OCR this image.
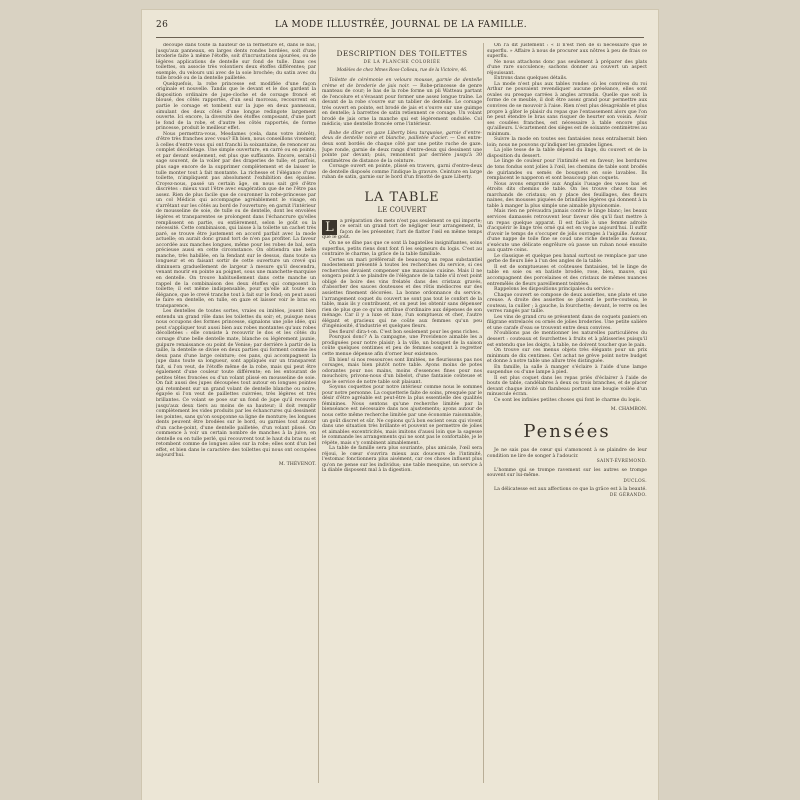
26	LA MODE ILLUSTRÉE, JOURNAL DE LA FAMILLE.

découpé dans toute la hauteur de la fermeture et, dans le bas, jusqu'aux panneaux, en larges dents rondes bordées, soit d'une broderie faite à même l'étoffe, soit d'incrustations ajourées, ou de légères applications de dentelle sur fond de tulle. Dans ces toilettes, on associe très volontiers deux étoffes différentes; par exemple, du velours uni avec de la soie brochée; du satin avec du tulle brodé ou de la dentelle pailletée.

Quelquefois, la robe princesse est modifiée d'une façon originale et nouvelle. Tandis que le devant et le dos gardent la disposition ordinaire de jupe-cloche et de corsage froncé et blousé, des côtés rapportés, d'un seul morceau, recouvrent en partie le corsage et tombent sur la jupe en deux panneaux, simulant des deux côtés d'une longue redingote largement ouverte. Ici encore, la diversité des étoffes composant, d'une part le fond de la robe, et d'autre les côtés rapportés, de forme princesse, produit le meilleur effet.

Nous permettra-vous, Mesdames (cela, dans votre intérêt), d'être très franches avec vous? Eh bien, nous conseillons vivement à celles d'entre vous qui ont franchi la soixantaine, de renoncer au complet décolletage. Une simple ouverture, en carré ou en pointe, et par devant seulement, est plus que suffisante. Encore, serait-il sage souvent, de la voiler par des draperies de tulle; et parfois, plus sage encore de la supprimer complètement et de laisser le tulle monter tout à fait montante. La richesse et l'élégance d'une toilette, n'impliquent pas absolument l'exhibition des épaules. Croyez-nous, passé un certain âge, on nous sait gré d'être discrètes : mieux vaut l'être avec exagération que de ne l'être pas assez. Rien de plus facile que de couronner la robe-princesse par un col Médicis qui accompagne agréablement le visage, en s'arrêtant sur les côtés au bord de l'ouverture; en garnit l'intérieur de mousseline de soie, de tulle ou de dentelle, dont les envolées légères et transparentes se prolongent dans l'échancrure qu'elles remplissent en partie, ou entièrement, selon le goût ou la nécessité. Cette combinaison, qui laisse à la toilette un cachet très paré, se trouve être justement en accord parfait avec la mode actuelle; on aurait donc grand tort de n'en pas profiter. La faveur accordée aux manches longues, même pour les robes de bal, sera précieuse aussi en cette circonstance. On obtiendra une belle manche, très habillée, en la fendant sur le dessus, dans toute sa longueur et en faisant sortir de cette ouverture un crevé qui diminuera graduellement de largeur à mesure qu'il descendra, venant mourir en pointe au poignet, sous une manchette-marquise en dentelle. On trouve habituellement dans cette manche un rappel de la combinaison des deux étoffes qui composent la toilette; il est même indispensable, pour qu'elle ait toute son élégance, que le crevé tranche tout à fait sur le fond; on peut aussi le faire en dentelle, en tulle, en gaze et laisser voir le bras en transparence.

Les dentelles de toutes sortes, vraies ou imitées, jouent bien entendu un grand rôle dans les toilettes du soir; et, puisque nous nous occupons des formes princesse, signalons une jolie idée, qui peut s'appliquer tout aussi bien aux robes montantes qu'aux robes décolletées : elle consiste à recouvrir le dos et les côtés du corsage d'une belle dentelle mate, blanche ou légèrement jaunie, guipure renaissance ou point de Venise; par derrière à partir de la taille, la dentelle se divise en deux parties qui forment comme les deux pans d'une large ceinture; ces pans, qui accompagnent la jupe dans toute sa longueur, sont appliqués sur un transparent fait, si l'on veut, de l'étoffe même de la robe, mais qui peut être également d'une couleur toute différente; en les entourant de petites têtes froncées ou d'un volant plissé en mousseline de soie. On fait aussi des jupes découpées tout autour en longues pointes qui retombent sur un grand volant de dentelle blanche ou noire, égayée si l'on veut de paillettes cuivrées, très légères et très brillantes. Ce volant se pose sur un fond de jupe qu'il recouvre jusqu'aux deux tiers au moins de sa hauteur; il doit remplir complètement les vides produits par les échancrures qui dessinent les pointes, sans qu'on soupçonne sa ligne de monture; les longues dents peuvent être brodées sur le bord, ou garnies tout autour d'un cache-point, d'une dentelle pailletée, d'un volant plissé. On commence à voir un certain nombre de manches à la juive, en dentelle ou en tulle perlé, qui recouvrent tout le haut du bras nu et retombent comme de longues ailes sur la robe; elles sont d'un bel effet, et bien dans le caractère des toilettes qui nous ont occupées aujourd'hui.

M. THÉVENOT.
DESCRIPTION DES TOILETTES
DE LA PLANCHE COLORIÉE
Modèles de chez Mmes Ross-Colleau, rue de la Victoire, 46.

Toilette de cérémonie en velours mousse, garnie de dentelle crème et de broderie de jais noir. — Robe-princesse de genre manteau de cour; le bas de la robe forme un pli Watteau partant de l'encolure et s'évasant pour former une assez longue traîne. Le devant de la robe s'ouvre sur un tablier de dentelle. Le corsage très ouvert en pointe, est brodé de jais et s'ouvre sur une guimpe en dentelle; à barrettes de satin retiennent ce corsage. Un volant brodé de jais orne la manche qui est légèrement ondulée. Col médicis; une dentelle froncée orne l'intérieur.

Robe de dîner en gaze Liberty bleu turquoise, garnie d'entre-deux de dentelle noire et blanche, pailletée d'acier. — Ces entre-deux sont bordés de chaque côté par une petite ruche de gaze. Jupe ronde, garnie de deux rangs d'entre-deux qui dessinent une pointe par devant; puis, remontent par derrière jusqu'à 30 centimètres de distance de la ceinture.

Corsage ouvert en pointe, plissé en travers, garni d'entre-deux de dentelle disposés comme l'indique la gravure. Ceinture en large ruban de satin, garnie sur le bord d'un frisotté de gaze Liberty.

LA TABLE
LE COUVERT

L	a préparation des mets n'est pas seulement ce qui importe; ce serait un grand tort de négliger leur arrangement, la façon de les présenter, l'art de flatter l'œil en même temps que le goût.

On ne se dîne pas que ce sont là bagatelles insignifiantes, soins superflus, petits riens dont font fi les seigneurs du logis. C'est au contraire le charme, la grâce de la table familiale.

Certes un mari préférerait de beaucoup un repas substantiel modestement présenté à toutes les recherches du service, si ces recherches devaient compenser une mauvaise cuisine. Mais il ne songera point à se plaindre de l'élégance de la table s'il n'est point obligé de boire des vins frelatés dans des cristaux gravés, d'absorber des sauces douteuses et des rôtis médiocres sur des assiettes finement décorées. La bonne ordonnance du service, l'arrangement coquet du couvert ne sont pas tout le confort de la table, mais ils y contribuent, et on peut les obtenir sans dépenser rien de plus que ce qu'on attribue d'ordinaire aux dépenses de son ménage. Car il y a luxe et luxe, l'un somptueux et cher, l'autre élégant et gracieux qui ne coûte aux femmes qu'un peu d'ingéniosité, d'industrie et quelques fleurs.

Des fleurs! dira-t-on. C'est bon seulement pour les gens riches.

Pourquoi donc? A la campagne, une Providence aimable les a prodiguées pour notre plaisir; à la ville, un bouquet de la saison coûte quelques centimes et peu de femmes songent à regretter cette menue dépense afin d'orner leur existence.

Eh bien! si nos ressources sont limitées, ne fleurissons pas nos corsages, mais bien plutôt notre table. Ayons moins de potes odorantes pour nos mains, moins d'essences fines pour nos mouchoirs; privons-nous d'un bibelot, d'une fantaisie coûteuse et que le service de notre table soit plaisant.

Soyons coquettes pour notre intérieur comme nous le sommes pour notre personne. La coquetterie faite de soins, presquée par le désir d'être agréable est peut-être la plus essentielle des qualités féminines. Nous sentons qu'une recherche limitée par la bienséance est nécessaire dans nos ajustements; ayons autour de nous cette même recherche limitée par une économie raisonnable, un goût discret et sûr. Ne copions qu'à bon escient ceux qui vivent dans une situation très brillante et pouvent se permettre de jolies et aimables excentricités, mais imitons d'aussi loin que la sagesse le commande les arrangements qui ne sont pas le confortable, je le répète, mais s'y combinent aimablement.

La table de famille sera plus souriante, plus amicale, l'œil sera réjoui, le cœur s'ouvrira mieux aux douceurs de l'intimité, l'estomac fonctionnera plus aisément, car ces choses influent plus qu'on ne pense sur les individus; une table mesquine, un service à la diable disposent mal à la digestion.

On l'a dit justement : « Il n'est rien de si nécessaire que le superflu. » Affaire à nous de procurer aux nôtres à peu de frais ce superflu.

Ne nous attachons donc pas seulement à préparer des plats d'une rare succulence; sachons donner au couvert un aspect réjouissant.

Entrons dans quelques détails.

La mode n'est plus aux tables rondes où les convives du roi Arthur ne pouvaient revendiquer aucune préséance, elles sont ovales ou presque carrées à angles arrondis. Quelle que soit la forme de ce meuble, il doit être assez grand pour permettre aux convives de se mouvoir à l'aise. Rien n'est plus désagréable et plus propre à gâter le plaisir du repas que l'entassement alors que l'on ne peut étendre le bras sans risquer de heurter son voisin. Avoir ses coudées franches, est nécessaire à table encore plus qu'ailleurs. L'écartement des sièges est de soixante centimètres au minimum.

Suivre la mode en toutes ses fantaisies nous entraînerait bien loin; nous ne pouvons qu'indiquer les grandes lignes.

La jolie tesse de la table dépend du linge, du couvert et de la disposition du dessert.

Le linge de couleur pour l'intimité est en faveur; les bordures de tons fondus sont jolies à l'œil, les chemins de table sont brodés de guirlandes ou semés de bouquets en soie lavables. Ils remplacent le napperon et sont beaucoup plus coquets.

Nous avons emprunté aux Anglais l'usage des vases bas et étroits dits chemins de table. On les trouve chez tous les marchands de cristaux; on y place des feuillages, des fleurs naines, des mousses piquées de brindilles légères qui donnent à la table à manger la plus simple une aimable physionomie.

Mais rien ne prévaudra jamais contre le linge blanc; les beaux services damassés retrouvent leur faveur dès qu'il faut mettre à un repas quelque apparat. Il est facile à une femme adroite d'acquérir le linge très orné qui est en vogue aujourd'hui. Il suffit d'avoir le temps de s'occuper de jolis ouvrages à l'aiguille. Autour d'une nappe de toile fine se coud une riche dentelle au fuseau, s'exécute une délicate engrêlure où passe un ruban noué ensuite aux quatre coins.

Le classique et quelque peu banal surtout se remplace par une gerbe de fleurs liée à l'un des angles de la table.

Il est de somptueuses et coûteuses fantaisies, tel le linge de table en soie ou en batiste brodée, rose, bleu, mauve, qui accompagnent des porcelaines et des cristaux de mêmes nuances entremêlés de fleurs pareillement teintées.

Rappelons les dispositions principales du service :

Chaque couvert se compose de deux assiettes, une plate et une creuse. A droite des assiettes se placent le porte-couteau, le couteau, la cuiller ; à gauche, la fourchette; devant, le verre ou les verres rangés par taille.

Les vins de grand cru se présentent dans de coquets paniers en filigrane entrelacés ou ornés de jolies broderies. Une petite salière et une carafe d'eau se trouvent entre deux convives.

N'oublions pas de mentionner les naturelles particulières du dessert : couteaux et fourchettes à fruits et à pâtisseries puisqu'il est entendu que les doigts, à table, ne doivent toucher que le pain.

On trouve sur ces menus objets très élégants pour un prix minimum de dix centimes. Cet achat ne grève point notre budget et donne à notre table une allure très distinguée.

En famille, la salle à manger s'éclaire à l'aide d'une lampe suspendue ou d'une lampe à pied.

Il est plus coquet dans les repas priés d'éclairer à l'aide de bouts de table, candélabres à deux ou trois branches, et de placer devant chaque invité un flambeau portant une bougie voilée d'un minuscule écran.

Ce sont les infinies petites choses qui font le charme du logis.

M. CHAMBON.
Pensées

Je ne sais pas de cœur qui s'amoncent à se plaindre de leur condition ne lire de songer à l'adoucir.

SAINT-ÉVREMOND.

L'homme qui se trompe ravement sur les autres se trompe souvent sur lui-même.

DUCLOS.

La délicatesse est aux affections ce que la grâce est à la beauté.

DE GÉRANDO.
